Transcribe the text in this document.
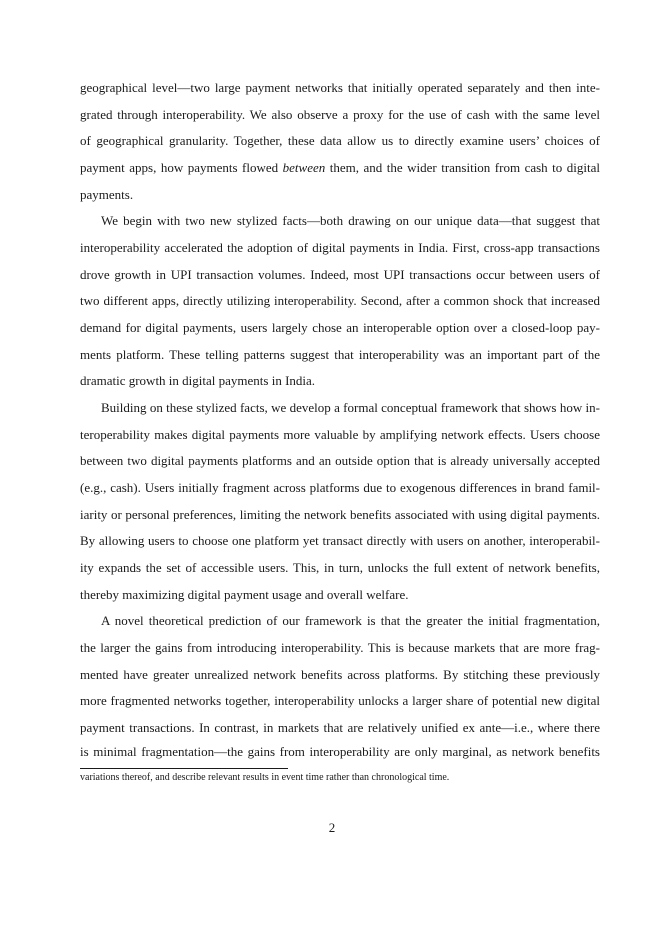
geographical level—two large payment networks that initially operated separately and then inte-
grated through interoperability. We also observe a proxy for the use of cash with the same level
of geographical granularity. Together, these data allow us to directly examine users’ choices of
payment apps, how payments flowed between them, and the wider transition from cash to digital
payments.
We begin with two new stylized facts—both drawing on our unique data—that suggest that
interoperability accelerated the adoption of digital payments in India. First, cross-app transactions
drove growth in UPI transaction volumes. Indeed, most UPI transactions occur between users of
two different apps, directly utilizing interoperability. Second, after a common shock that increased
demand for digital payments, users largely chose an interoperable option over a closed-loop pay-
ments platform. These telling patterns suggest that interoperability was an important part of the
dramatic growth in digital payments in India.
Building on these stylized facts, we develop a formal conceptual framework that shows how in-
teroperability makes digital payments more valuable by amplifying network effects. Users choose
between two digital payments platforms and an outside option that is already universally accepted
(e.g., cash). Users initially fragment across platforms due to exogenous differences in brand famil-
iarity or personal preferences, limiting the network benefits associated with using digital payments.
By allowing users to choose one platform yet transact directly with users on another, interoperabil-
ity expands the set of accessible users. This, in turn, unlocks the full extent of network benefits,
thereby maximizing digital payment usage and overall welfare.
A novel theoretical prediction of our framework is that the greater the initial fragmentation,
the larger the gains from introducing interoperability. This is because markets that are more frag-
mented have greater unrealized network benefits across platforms. By stitching these previously
more fragmented networks together, interoperability unlocks a larger share of potential new digital
payment transactions. In contrast, in markets that are relatively unified ex ante—i.e., where there
is minimal fragmentation—the gains from interoperability are only marginal, as network benefits
variations thereof, and describe relevant results in event time rather than chronological time.
2
